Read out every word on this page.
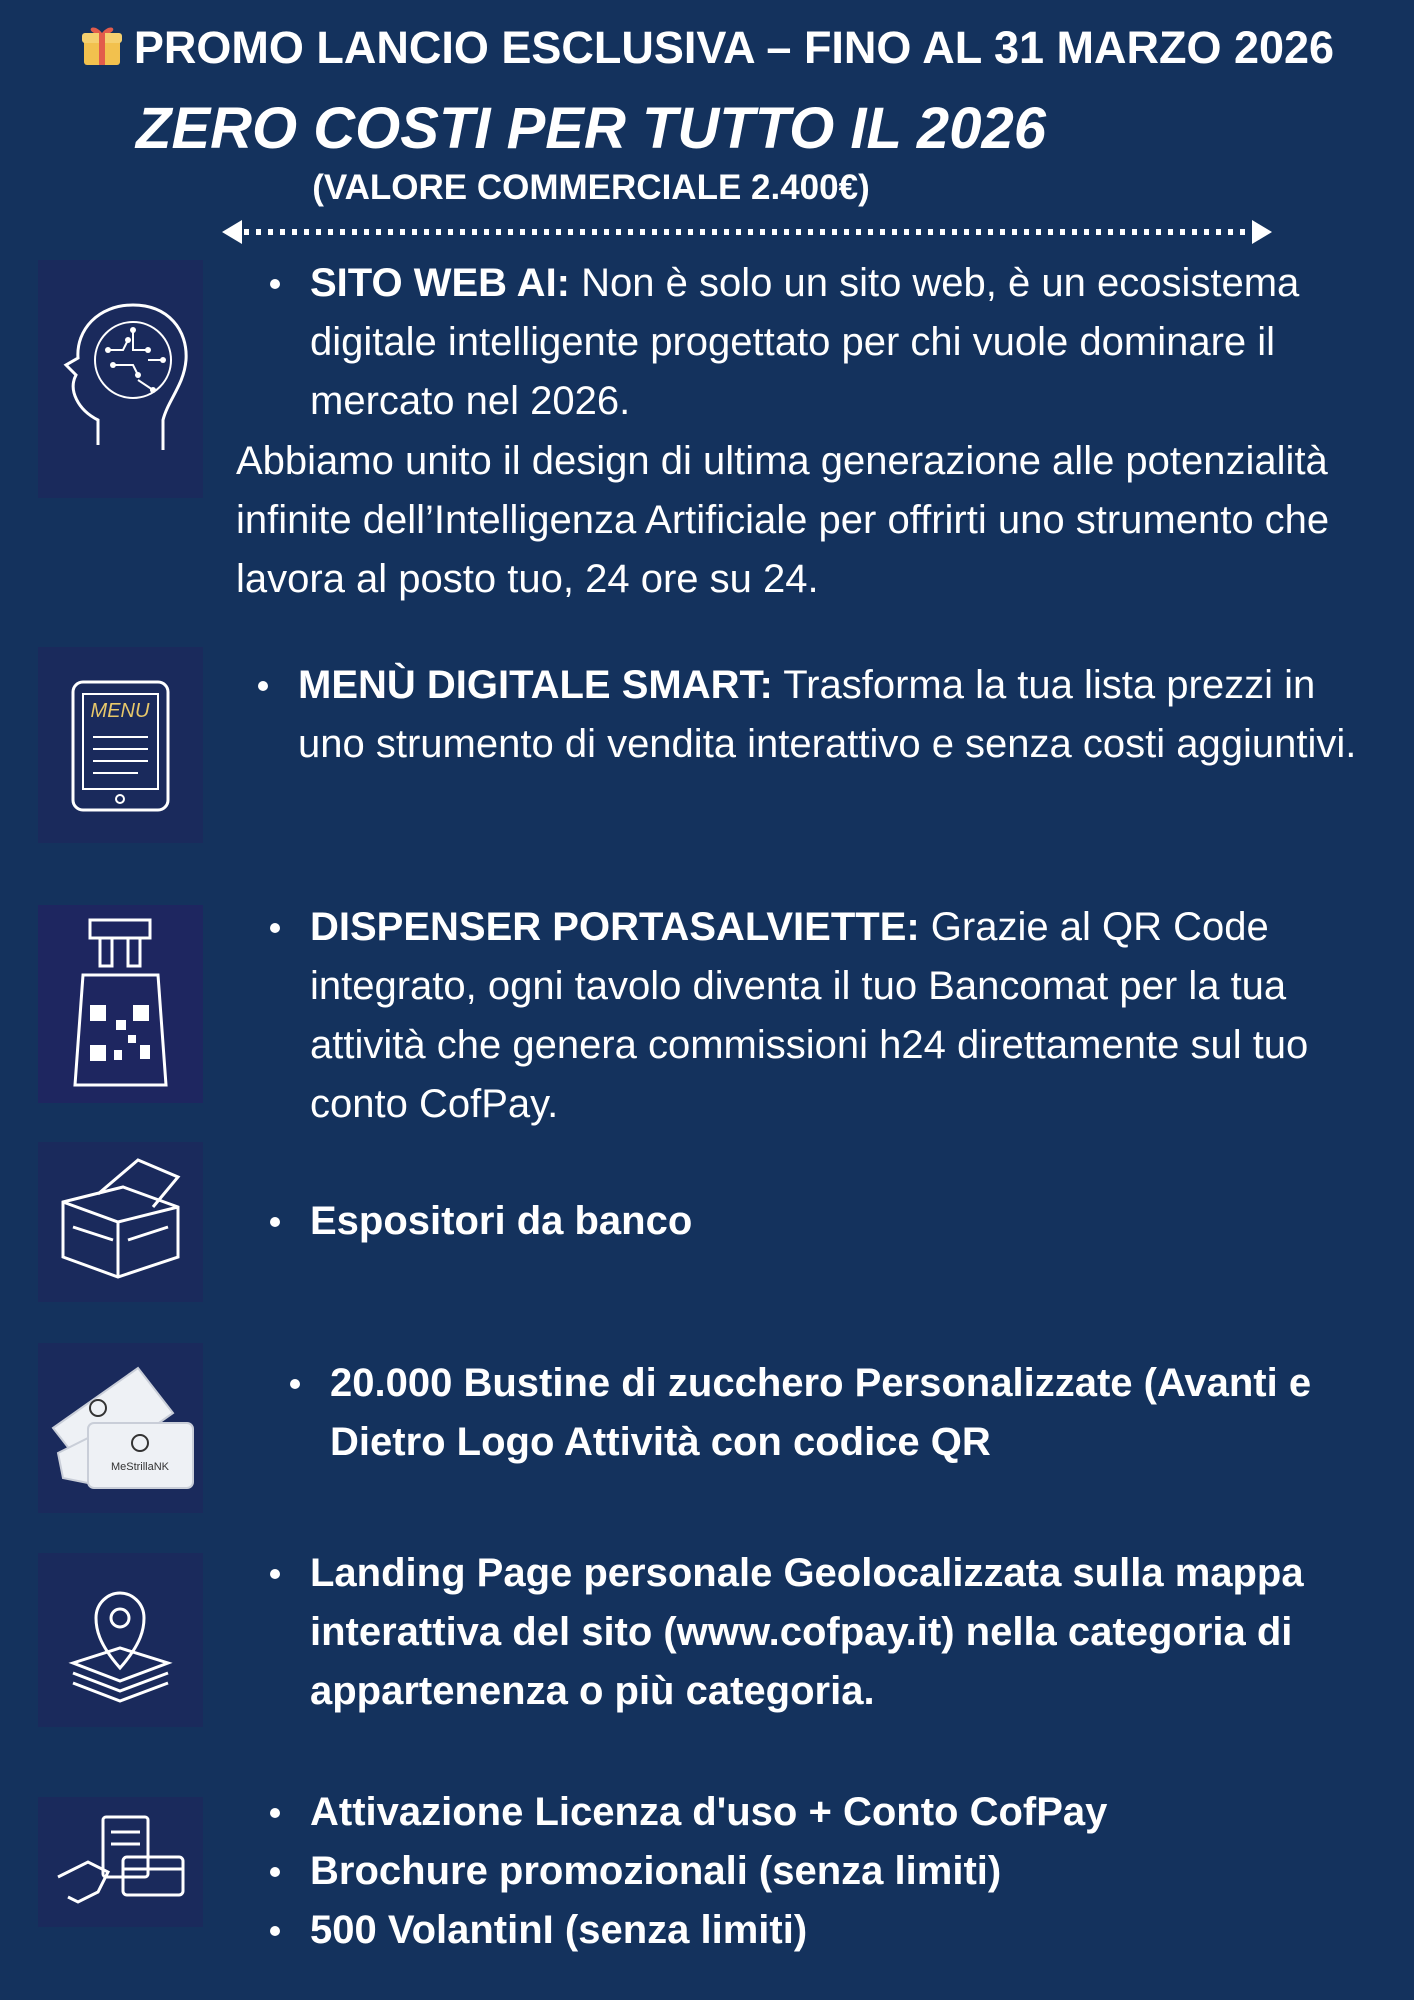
PROMO LANCIO ESCLUSIVA – FINO AL 31 MARZO 2026
ZERO COSTI PER TUTTO IL 2026
(VALORE COMMERCIALE 2.400€)
SITO WEB AI: Non è solo un sito web, è un ecosistema digitale intelligente progettato per chi vuole dominare il mercato nel 2026.
Abbiamo unito il design di ultima generazione alle potenzialità infinite dell’Intelligenza Artificiale per offrirti uno strumento che lavora al posto tuo, 24 ore su 24.
MENU
MENÙ DIGITALE SMART: Trasforma la tua lista prezzi in uno strumento di vendita interattivo e senza costi aggiuntivi.
DISPENSER PORTASALVIETTE: Grazie al QR Code integrato, ogni tavolo diventa il tuo Bancomat per la tua attività che genera commissioni h24 direttamente sul tuo conto CofPay.
Espositori da banco
MeStrillaNK
20.000 Bustine di zucchero Personalizzate (Avanti e Dietro Logo Attività con codice QR
Landing Page personale Geolocalizzata sulla mappa interattiva del sito (www.cofpay.it) nella categoria di appartenenza o più categoria.
Attivazione Licenza d'uso + Conto CofPay
Brochure promozionali (senza limiti)
500 VolantinI (senza limiti)
